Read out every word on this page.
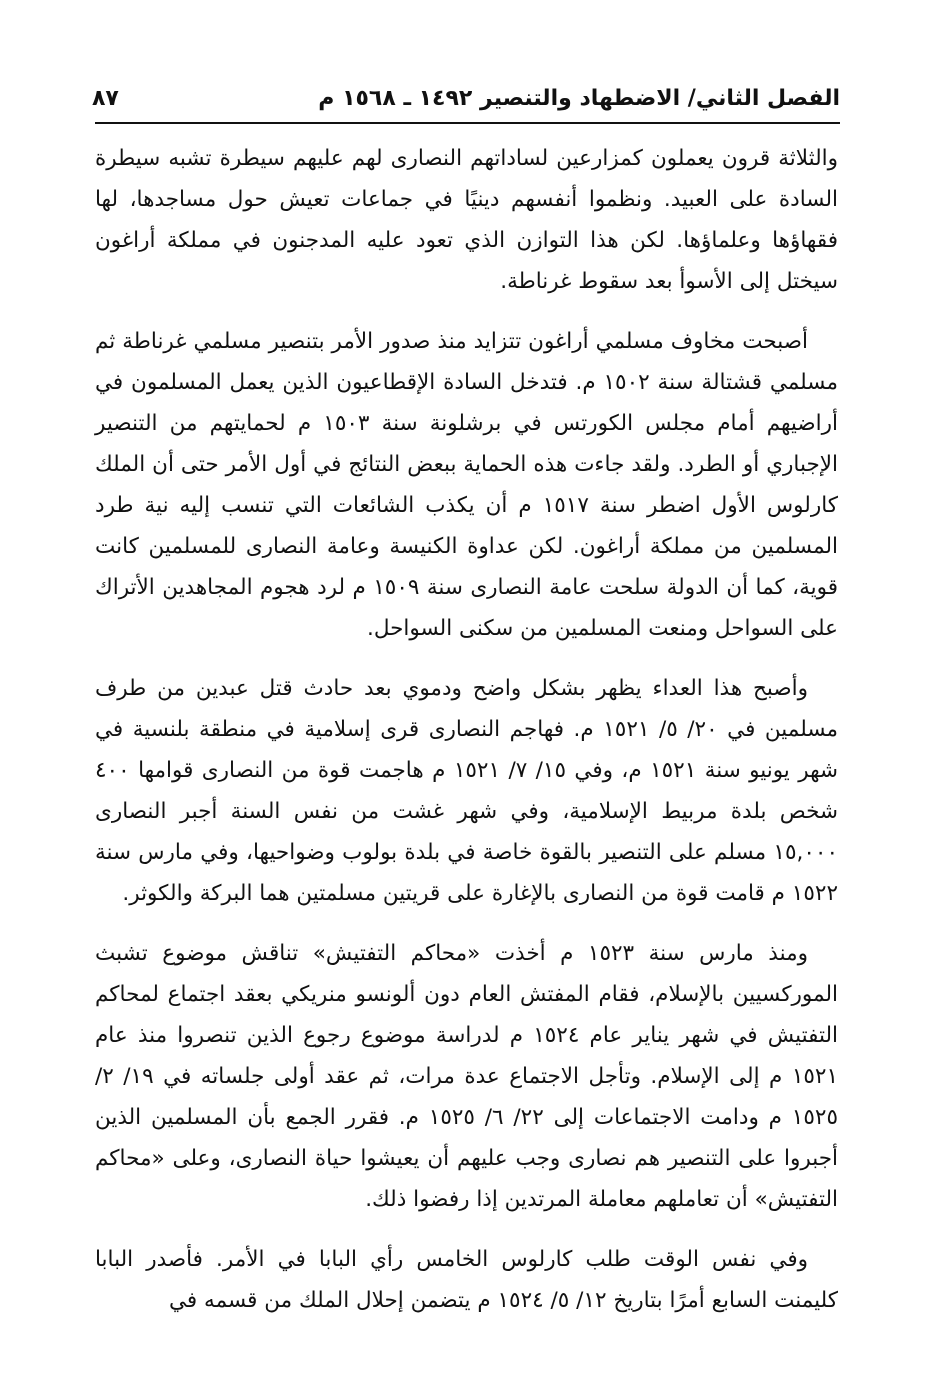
الفصل الثاني/ الاضطهاد والتنصير ١٤٩٢ ـ ١٥٦٨ م
٨٧

والثلاثة قرون يعملون كمزارعين لساداتهم النصارى لهم عليهم سيطرة تشبه سيطرة السادة على العبيد. ونظموا أنفسهم دينيًا في جماعات تعيش حول مساجدها، لها فقهاؤها وعلماؤها. لكن هذا التوازن الذي تعود عليه المدجنون في مملكة أراغون سيختل إلى الأسوأ بعد سقوط غرناطة.

أصبحت مخاوف مسلمي أراغون تتزايد منذ صدور الأمر بتنصير مسلمي غرناطة ثم مسلمي قشتالة سنة ١٥٠٢ م. فتدخل السادة الإقطاعيون الذين يعمل المسلمون في أراضيهم أمام مجلس الكورتس في برشلونة سنة ١٥٠٣ م لحمايتهم من التنصير الإجباري أو الطرد. ولقد جاءت هذه الحماية ببعض النتائج في أول الأمر حتى أن الملك كارلوس الأول اضطر سنة ١٥١٧ م أن يكذب الشائعات التي تنسب إليه نية طرد المسلمين من مملكة أراغون. لكن عداوة الكنيسة وعامة النصارى للمسلمين كانت قوية، كما أن الدولة سلحت عامة النصارى سنة ١٥٠٩ م لرد هجوم المجاهدين الأتراك على السواحل ومنعت المسلمين من سكنى السواحل.

وأصبح هذا العداء يظهر بشكل واضح ودموي بعد حادث قتل عبدين من طرف مسلمين في ٢٠/ ٥/ ١٥٢١ م. فهاجم النصارى قرى إسلامية في منطقة بلنسية في شهر يونيو سنة ١٥٢١ م، وفي ١٥/ ٧/ ١٥٢١ م هاجمت قوة من النصارى قوامها ٤٠٠ شخص بلدة مربيط الإسلامية، وفي شهر غشت من نفس السنة أجبر النصارى ١٥,٠٠٠ مسلم على التنصير بالقوة خاصة في بلدة بولوب وضواحيها، وفي مارس سنة ١٥٢٢ م قامت قوة من النصارى بالإغارة على قريتين مسلمتين هما البركة والكوثر.

ومنذ مارس سنة ١٥٢٣ م أخذت «محاكم التفتيش» تناقش موضوع تشبث الموركسيين بالإسلام، فقام المفتش العام دون ألونسو منريكي بعقد اجتماع لمحاكم التفتيش في شهر يناير عام ١٥٢٤ م لدراسة موضوع رجوع الذين تنصروا منذ عام ١٥٢١ م إلى الإسلام. وتأجل الاجتماع عدة مرات، ثم عقد أولى جلساته في ١٩/ ٢/ ١٥٢٥ م ودامت الاجتماعات إلى ٢٢/ ٦/ ١٥٢٥ م. فقرر الجمع بأن المسلمين الذين أجبروا على التنصير هم نصارى وجب عليهم أن يعيشوا حياة النصارى، وعلى «محاكم التفتيش» أن تعاملهم معاملة المرتدين إذا رفضوا ذلك.

وفي نفس الوقت طلب كارلوس الخامس رأي البابا في الأمر. فأصدر البابا كليمنت السابع أمرًا بتاريخ ١٢/ ٥/ ١٥٢٤ م يتضمن إحلال الملك من قسمه في
